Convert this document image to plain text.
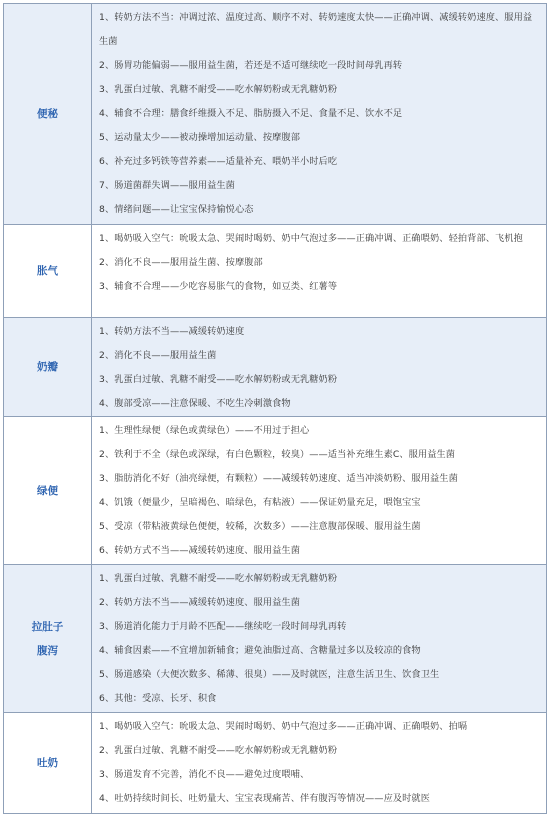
便秘
1、转奶方法不当：冲调过浓、温度过高、顺序不对、转奶速度太快——正确冲调、减缓转奶速度、服用益生菌
2、肠胃功能偏弱——服用益生菌，若还是不适可继续吃一段时间母乳再转
3、乳蛋白过敏、乳糖不耐受——吃水解奶粉或无乳糖奶粉
4、辅食不合理：膳食纤维摄入不足、脂肪摄入不足、食量不足、饮水不足
5、运动量太少——被动操增加运动量、按摩腹部
6、补充过多钙铁等营养素——适量补充、喂奶半小时后吃
7、肠道菌群失调——服用益生菌
8、情绪问题——让宝宝保持愉悦心态
胀气
1、喝奶吸入空气：吮吸太急、哭闹时喝奶、奶中气泡过多——正确冲调、正确喂奶、轻拍背部、飞机抱
2、消化不良——服用益生菌、按摩腹部
3、辅食不合理——少吃容易胀气的食物，如豆类、红薯等
奶瓣
1、转奶方法不当——减缓转奶速度
2、消化不良——服用益生菌
3、乳蛋白过敏、乳糖不耐受——吃水解奶粉或无乳糖奶粉
4、腹部受凉——注意保暖、不吃生冷刺激食物
绿便
1、生理性绿便（绿色或黄绿色）——不用过于担心
2、铁利于不全（绿色或深绿，有白色颗粒，较臭）——适当补充维生素C、服用益生菌
3、脂肪消化不好（油亮绿便，有颗粒）——减缓转奶速度、适当冲淡奶粉、服用益生菌
4、饥饿（便量少，呈暗褐色、暗绿色，有粘液）——保证奶量充足，喂饱宝宝
5、受凉（带粘液黄绿色便便，较稀，次数多）——注意腹部保暖、服用益生菌
6、转奶方式不当——减缓转奶速度、服用益生菌
拉肚子
腹泻
1、乳蛋白过敏、乳糖不耐受——吃水解奶粉或无乳糖奶粉
2、转奶方法不当——减缓转奶速度、服用益生菌
3、肠道消化能力于月龄不匹配——继续吃一段时间母乳再转
4、辅食因素——不宜增加新辅食；避免油脂过高、含糖量过多以及较凉的食物
5、肠道感染（大便次数多、稀薄、很臭）——及时就医，注意生活卫生、饮食卫生
6、其他：受凉、长牙、积食
吐奶
1、喝奶吸入空气：吮吸太急、哭闹时喝奶、奶中气泡过多——正确冲调、正确喂奶、拍嗝
2、乳蛋白过敏、乳糖不耐受——吃水解奶粉或无乳糖奶粉
3、肠道发育不完善，消化不良——避免过度喂哺、
4、吐奶持续时间长、吐奶量大、宝宝表现痛苦、伴有腹泻等情况——应及时就医
